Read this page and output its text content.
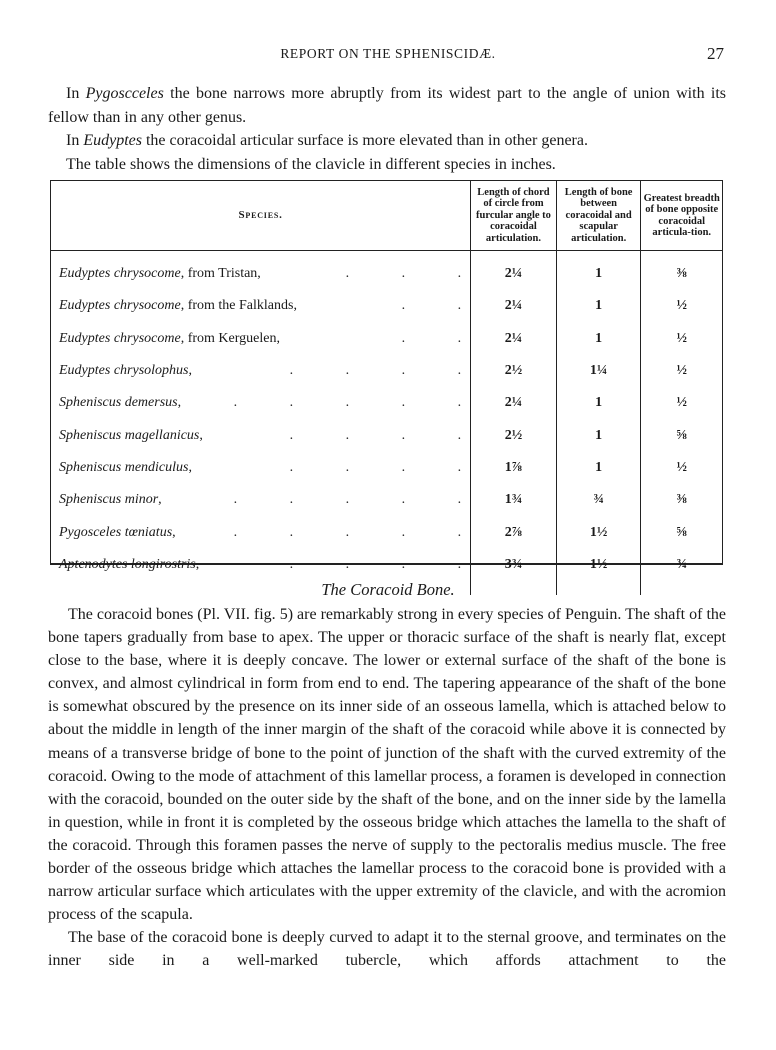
REPORT ON THE SPHENISCIDÆ.	27

In Pygoscceles the bone narrows more abruptly from its widest part to the angle of union with its fellow than in any other genus.

In Eudyptes the coracoidal articular surface is more elevated than in other genera.

The table shows the dimensions of the clavicle in different species in inches.

Species.	Length of chord of circle from furcular angle to coracoidal articulation.	Length of bone between coracoidal and scapular articulation.	Greatest breadth of bone opposite coracoidal articula-tion.

Eudyptes chrysocome, from Tristan, . . .	2¼	1	⅜

Eudyptes chrysocome, from the Falklands, . .	2¼	1	½

Eudyptes chrysocome, from Kerguelen, . .	2¼	1	½

Eudyptes chrysolophus, . . . .	2½	1¼	½

Spheniscus demersus,	.	.	.	.	.	2¼	1	½

Spheniscus magellanicus, . . . .	2½	1	⅝

Spheniscus mendiculus, . . . .	1⅞	1	½

Spheniscus minor,	.	.	.	.	.	1¾	¾	⅜

Pygosceles tœniatus,	.	.	.	.	.	2⅞	1½	⅝

Aptenodytes longirostris, . . . .	3¾	1½	¾

The Coracoid Bone.

The coracoid bones (Pl. VII. fig. 5) are remarkably strong in every species of Penguin. The shaft of the bone tapers gradually from base to apex. The upper or thoracic surface of the shaft is nearly flat, except close to the base, where it is deeply concave. The lower or external surface of the shaft of the bone is convex, and almost cylindrical in form from end to end. The tapering appearance of the shaft of the bone is somewhat obscured by the presence on its inner side of an osseous lamella, which is attached below to about the middle in length of the inner margin of the shaft of the coracoid while above it is connected by means of a transverse bridge of bone to the point of junction of the shaft with the curved extremity of the coracoid. Owing to the mode of attachment of this lamellar process, a foramen is developed in connection with the coracoid, bounded on the outer side by the shaft of the bone, and on the inner side by the lamella in question, while in front it is completed by the osseous bridge which attaches the lamella to the shaft of the coracoid. Through this foramen passes the nerve of supply to the pectoralis medius muscle. The free border of the osseous bridge which attaches the lamellar process to the coracoid bone is provided with a narrow articular surface which articulates with the upper extremity of the clavicle, and with the acromion process of the scapula.

The base of the coracoid bone is deeply curved to adapt it to the sternal groove, and terminates on the inner side in a well-marked tubercle, which affords attachment to the
